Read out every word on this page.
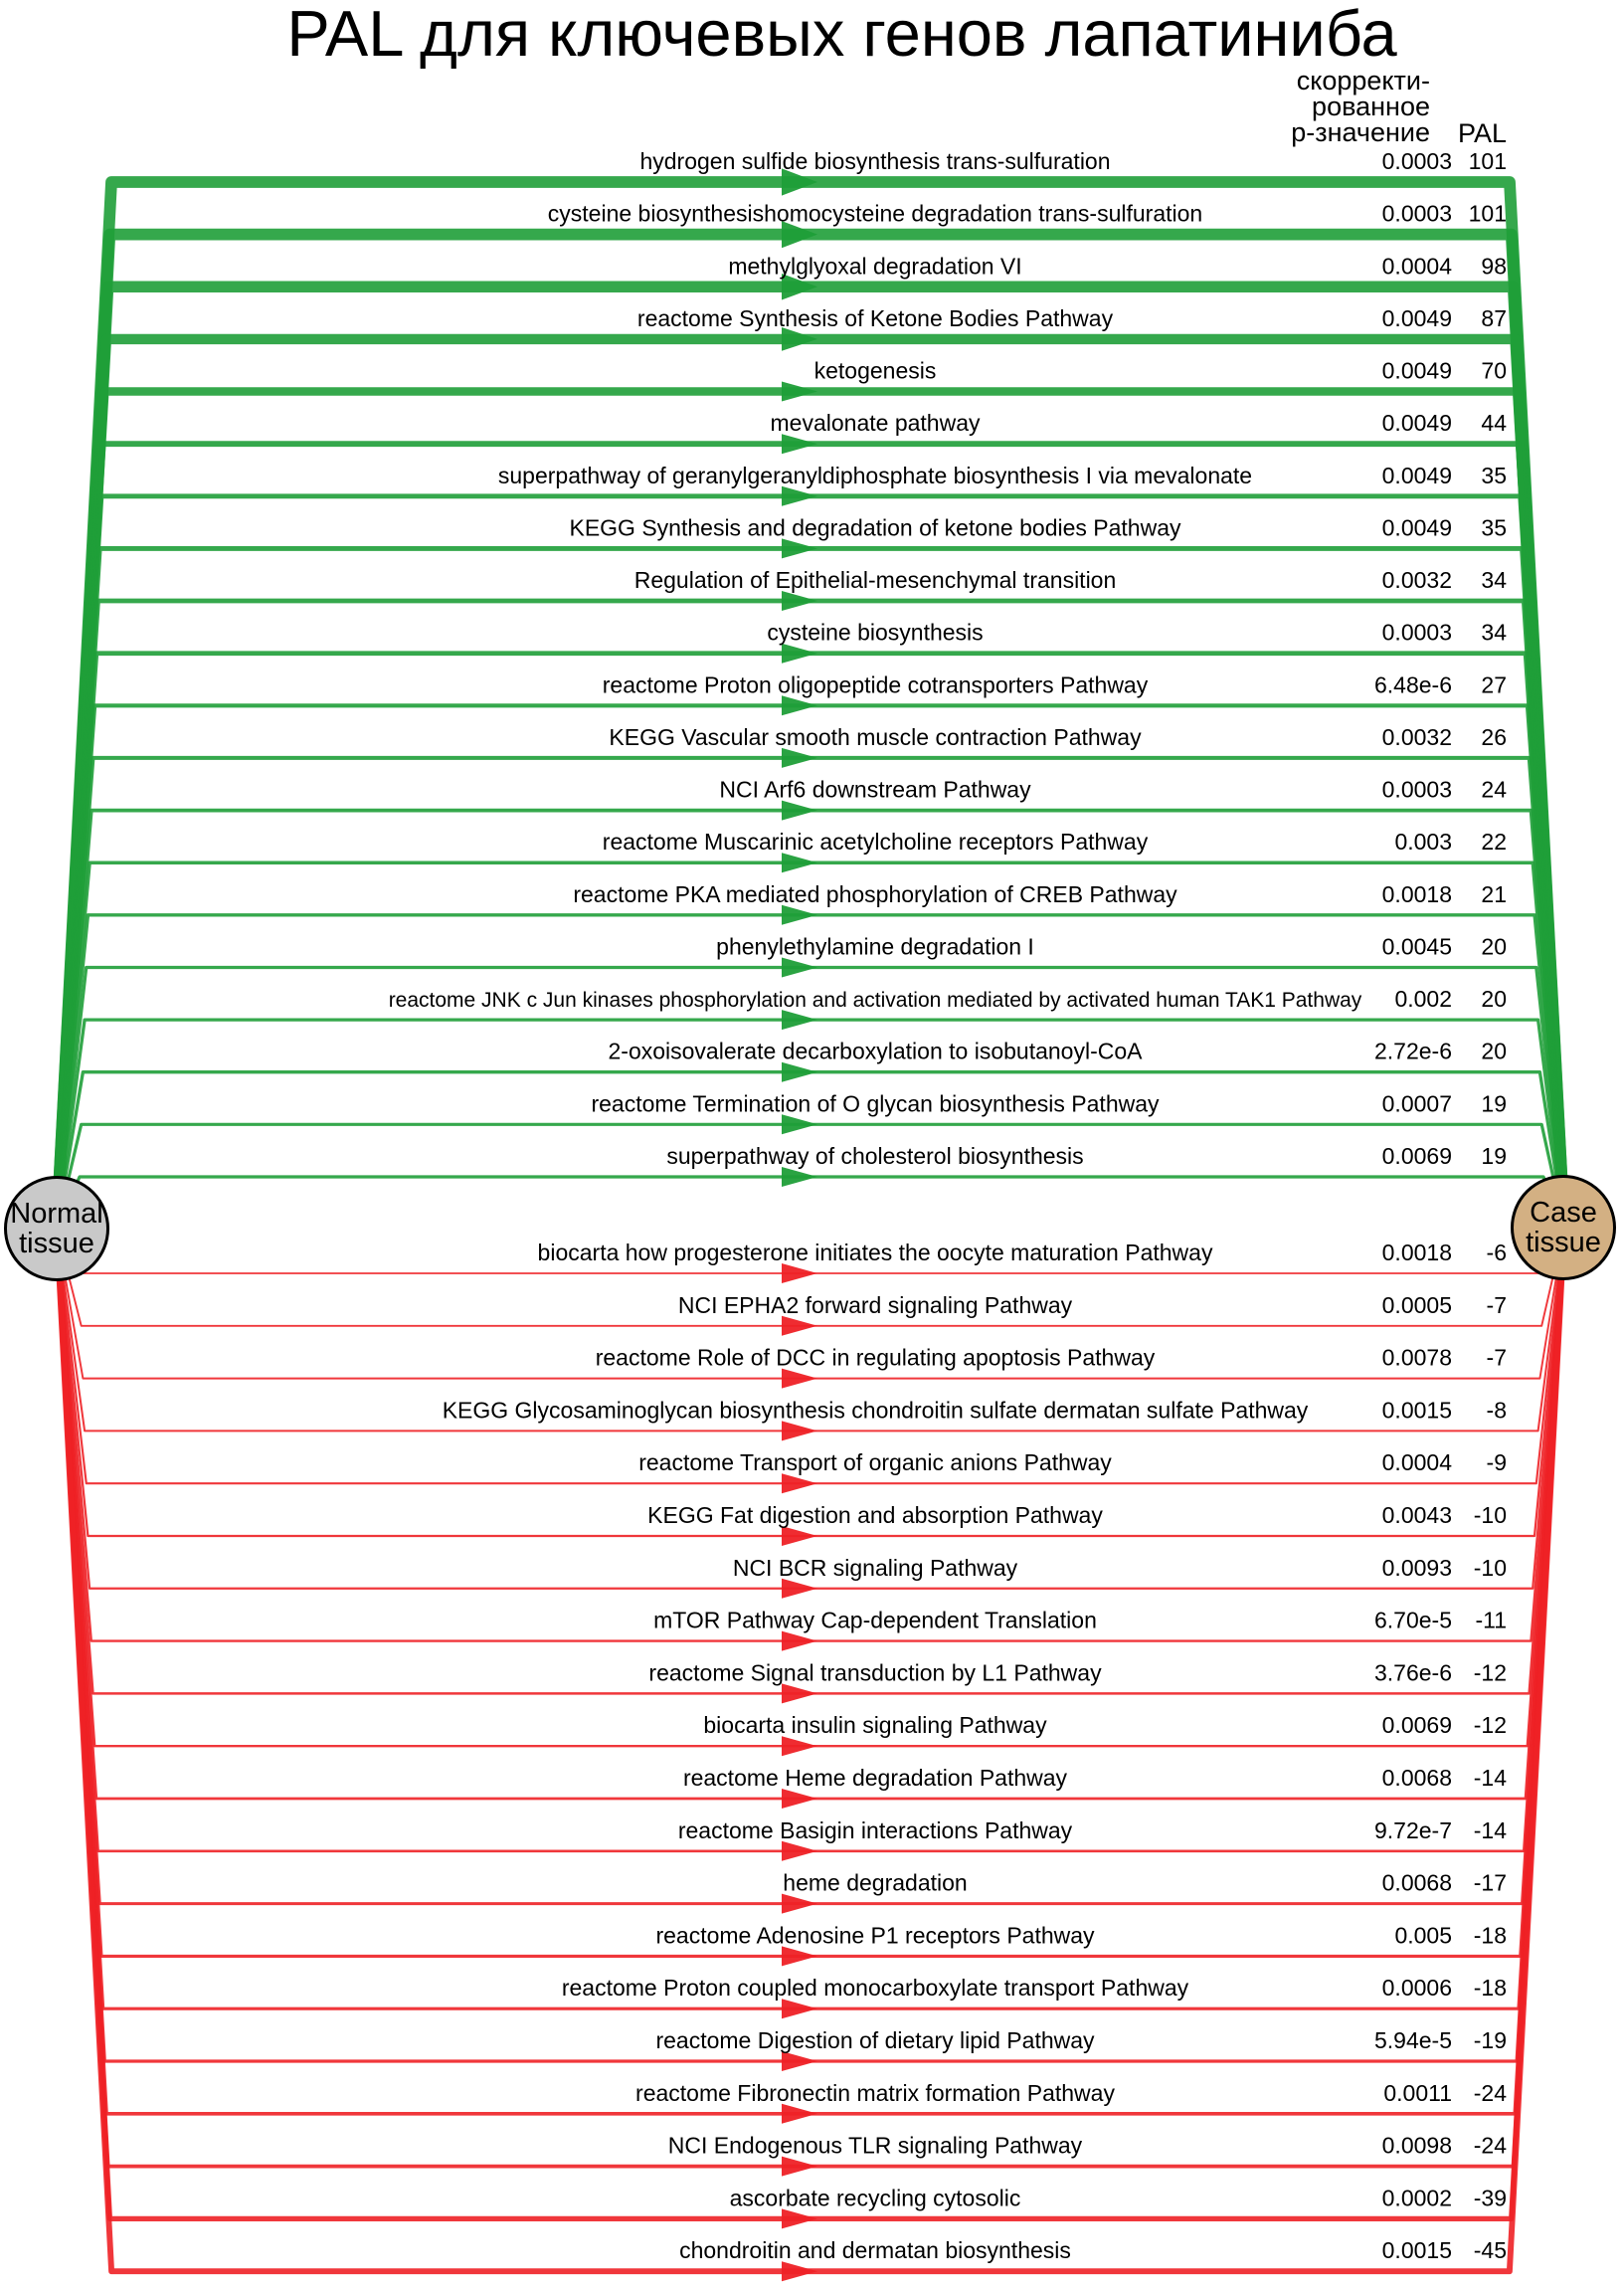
hydrogen sulfide biosynthesis trans-sulfuration	0.0003 101
cysteine biosynthesishomocysteine degradation trans-sulfuration	0.0003 101
methylglyoxal degradation VI	0.0004 98
reactome Synthesis of Ketone Bodies Pathway	0.0049 87
ketogenesis	0.0049 70
mevalonate pathway	0.0049 44
superpathway of geranylgeranyldiphosphate biosynthesis I via mevalonate	0.0049 35
KEGG Synthesis and degradation of ketone bodies Pathway	0.0049 35
Regulation of Epithelial-mesenchymal transition	0.0032 34
cysteine biosynthesis	0.0003 34
reactome Proton oligopeptide cotransporters Pathway	6.48e-6 27
KEGG Vascular smooth muscle contraction Pathway	0.0032 26
NCI Arf6 downstream Pathway	0.0003 24
reactome Muscarinic acetylcholine receptors Pathway	0.003 22
reactome PKA mediated phosphorylation of CREB Pathway	0.0018 21
phenylethylamine degradation I	0.0045 20
reactome JNK c Jun kinases phosphorylation and activation mediated by activated human TAK1 Pathway 0.002 20
2-oxoisovalerate decarboxylation to isobutanoyl-CoA	2.72e-6 20
reactome Termination of O glycan biosynthesis Pathway	0.0007 19
superpathway of cholesterol biosynthesis	0.0069 19
biocarta how progesterone initiates the oocyte maturation Pathway	0.0018 -6
NCI EPHA2 forward signaling Pathway	0.0005 -7
reactome Role of DCC in regulating apoptosis Pathway	0.0078 -7
KEGG Glycosaminoglycan biosynthesis chondroitin sulfate dermatan sulfate Pathway	0.0015 -8
reactome Transport of organic anions Pathway	0.0004 -9
KEGG Fat digestion and absorption Pathway	0.0043 -10
NCI BCR signaling Pathway	0.0093 -10
mTOR Pathway Cap-dependent Translation	6.70e-5 -11
reactome Signal transduction by L1 Pathway	3.76e-6 -12
biocarta insulin signaling Pathway	0.0069 -12
reactome Heme degradation Pathway	0.0068 -14
reactome Basigin interactions Pathway	9.72e-7 -14
heme degradation	0.0068 -17
reactome Adenosine P1 receptors Pathway	0.005 -18
reactome Proton coupled monocarboxylate transport Pathway	0.0006 -18
reactome Digestion of dietary lipid Pathway	5.94e-5 -19
reactome Fibronectin matrix formation Pathway	0.0011 -24
NCI Endogenous TLR signaling Pathway	0.0098 -24
ascorbate recycling cytosolic	0.0002 -39
chondroitin and dermatan biosynthesis	0.0015 -45
PAL для ключевых генов лапатиниба
скорректи-
рованное
р-значение PAL
Normal
tissue
Case
tissue
